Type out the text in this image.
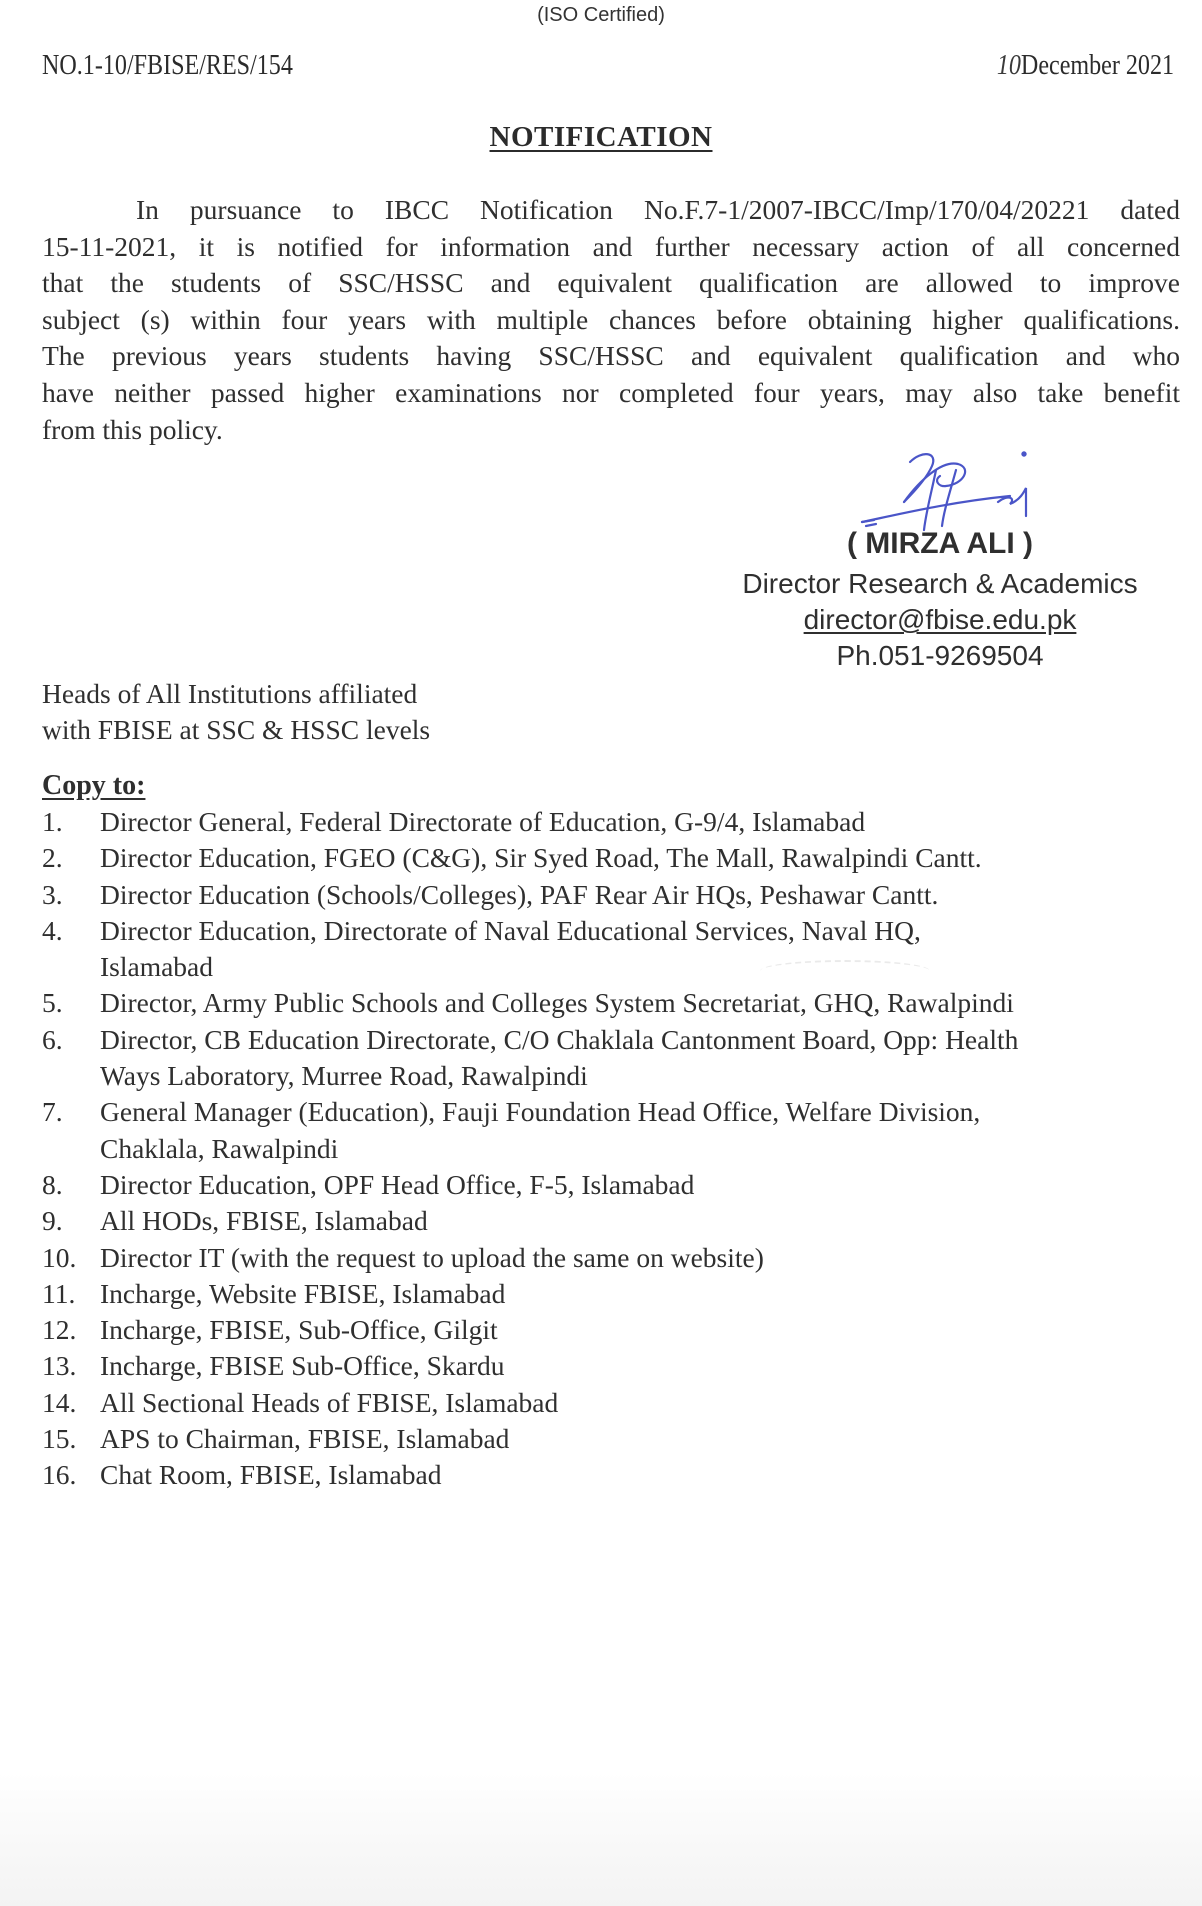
(ISO Certified)
NO.1-10/FBISE/RES/154	10December 2021
NOTIFICATION
In pursuance to IBCC Notification No.F.7-1/2007-IBCC/Imp/170/04/20221 dated
15-11-2021, it is notified for information and further necessary action of all concerned
that the students of SSC/HSSC and equivalent qualification are allowed to improve
subject (s) within four years with multiple chances before obtaining higher qualifications.
The previous years students having SSC/HSSC and equivalent qualification and who
have neither passed higher examinations nor completed four years, may also take benefit
from this policy.
( MIRZA ALI )
Director Research & Academics
director@fbise.edu.pk
Ph.051-9269504
Heads of All Institutions affiliated
with FBISE at SSC & HSSC levels
Copy to:
1.	Director General, Federal Directorate of Education, G-9/4, Islamabad
2.	Director Education, FGEO (C&G), Sir Syed Road, The Mall, Rawalpindi Cantt.
3.	Director Education (Schools/Colleges), PAF Rear Air HQs, Peshawar Cantt.
4.	Director Education, Directorate of Naval Educational Services, Naval HQ,
Islamabad
5.	Director, Army Public Schools and Colleges System Secretariat, GHQ, Rawalpindi
6.	Director, CB Education Directorate, C/O Chaklala Cantonment Board, Opp: Health
Ways Laboratory, Murree Road, Rawalpindi
7.	General Manager (Education), Fauji Foundation Head Office, Welfare Division,
Chaklala, Rawalpindi
8.	Director Education, OPF Head Office, F-5, Islamabad
9.	All HODs, FBISE, Islamabad
10. Director IT (with the request to upload the same on website)
11. Incharge, Website FBISE, Islamabad
12. Incharge, FBISE, Sub-Office, Gilgit
13. Incharge, FBISE Sub-Office, Skardu
14. All Sectional Heads of FBISE, Islamabad
15. APS to Chairman, FBISE, Islamabad
16. Chat Room, FBISE, Islamabad
